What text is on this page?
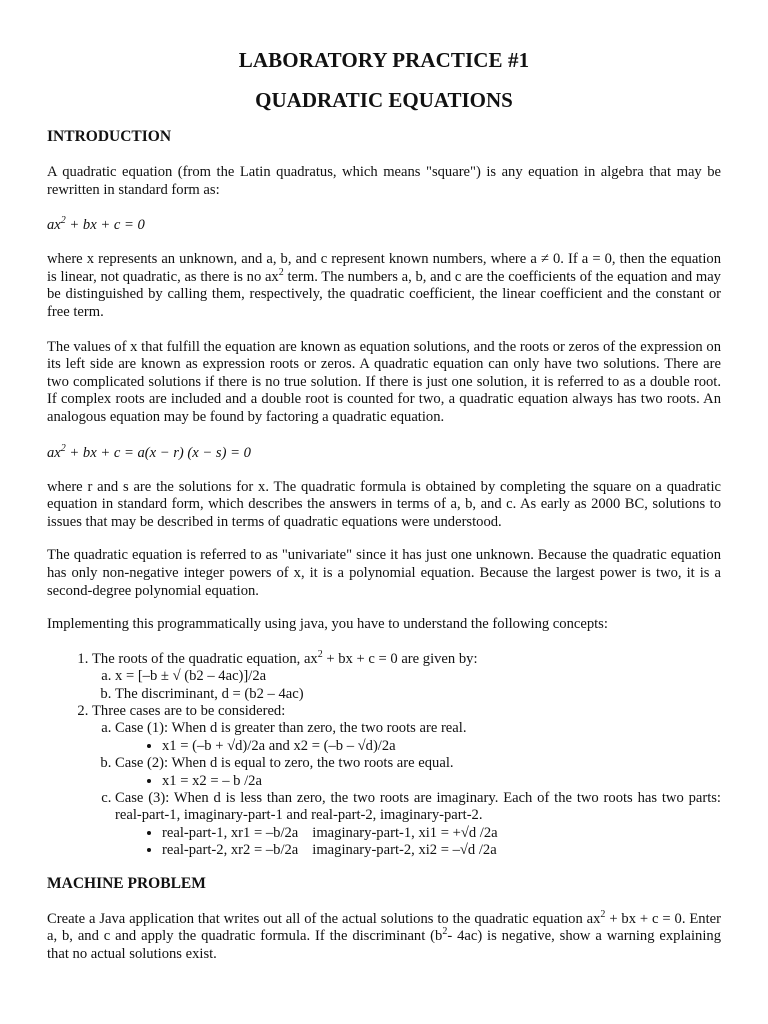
LABORATORY PRACTICE #1
QUADRATIC EQUATIONS
INTRODUCTION

A quadratic equation (from the Latin quadratus, which means "square") is any equation in algebra that may be rewritten in standard form as:

$ax^2$ + bx + c = 0

where x represents an unknown, and a, b, and c represent known numbers, where a ≠ 0. If a = 0, then the equation is linear, not quadratic, as there is no $ax^2$ term. The numbers a, b, and c are the coefficients of the equation and may be distinguished by calling them, respectively, the quadratic coefficient, the linear coefficient and the constant or free term.

The values of x that fulfill the equation are known as equation solutions, and the roots or zeros of the expression on its left side are known as expression roots or zeros. A quadratic equation can only have two solutions. There are two complicated solutions if there is no true solution. If there is just one solution, it is referred to as a double root. If complex roots are included and a double root is counted for two, a quadratic equation always has two roots. An analogous equation may be found by factoring a quadratic equation.

$ax^2$ + bx + c = a(x − r) (x − s) = 0

where r and s are the solutions for x. The quadratic formula is obtained by completing the square on a quadratic equation in standard form, which describes the answers in terms of a, b, and c. As early as 2000 BC, solutions to issues that may be described in terms of quadratic equations were understood.

The quadratic equation is referred to as "univariate" since it has just one unknown. Because the quadratic equation has only non-negative integer powers of x, it is a polynomial equation. Because the largest power is two, it is a second-degree polynomial equation.

Implementing this programmatically using java, you have to understand the following concepts:

1. The roots of the quadratic equation, $ax^2$ + bx + c = 0 are given by:
a. x = [–b ± √ (b2 – 4ac)]/2a
b. The discriminant, d = (b2 – 4ac)
2. Three cases are to be considered:
a. Case (1): When d is greater than zero, the two roots are real.
• x1 = (–b + √d)/2a and x2 = (–b – √d)/2a
b. Case (2): When d is equal to zero, the two roots are equal.
• x1 = x2 = – b /2a
c. Case (3): When d is less than zero, the two roots are imaginary. Each of the two roots has two parts: real-part-1, imaginary-part-1 and real-part-2, imaginary-part-2.
• real-part-1, xr1 = –b/2a imaginary-part-1, xi1 = +√d /2a
• real-part-2, xr2 = –b/2a imaginary-part-2, xi2 = –√d /2a
MACHINE PROBLEM

Create a Java application that writes out all of the actual solutions to the quadratic equation $ax^2$ + bx + c = 0. Enter a, b, and c and apply the quadratic formula. If the discriminant ($b^2-$ 4ac) is negative, show a warning explaining that no actual solutions exist.
